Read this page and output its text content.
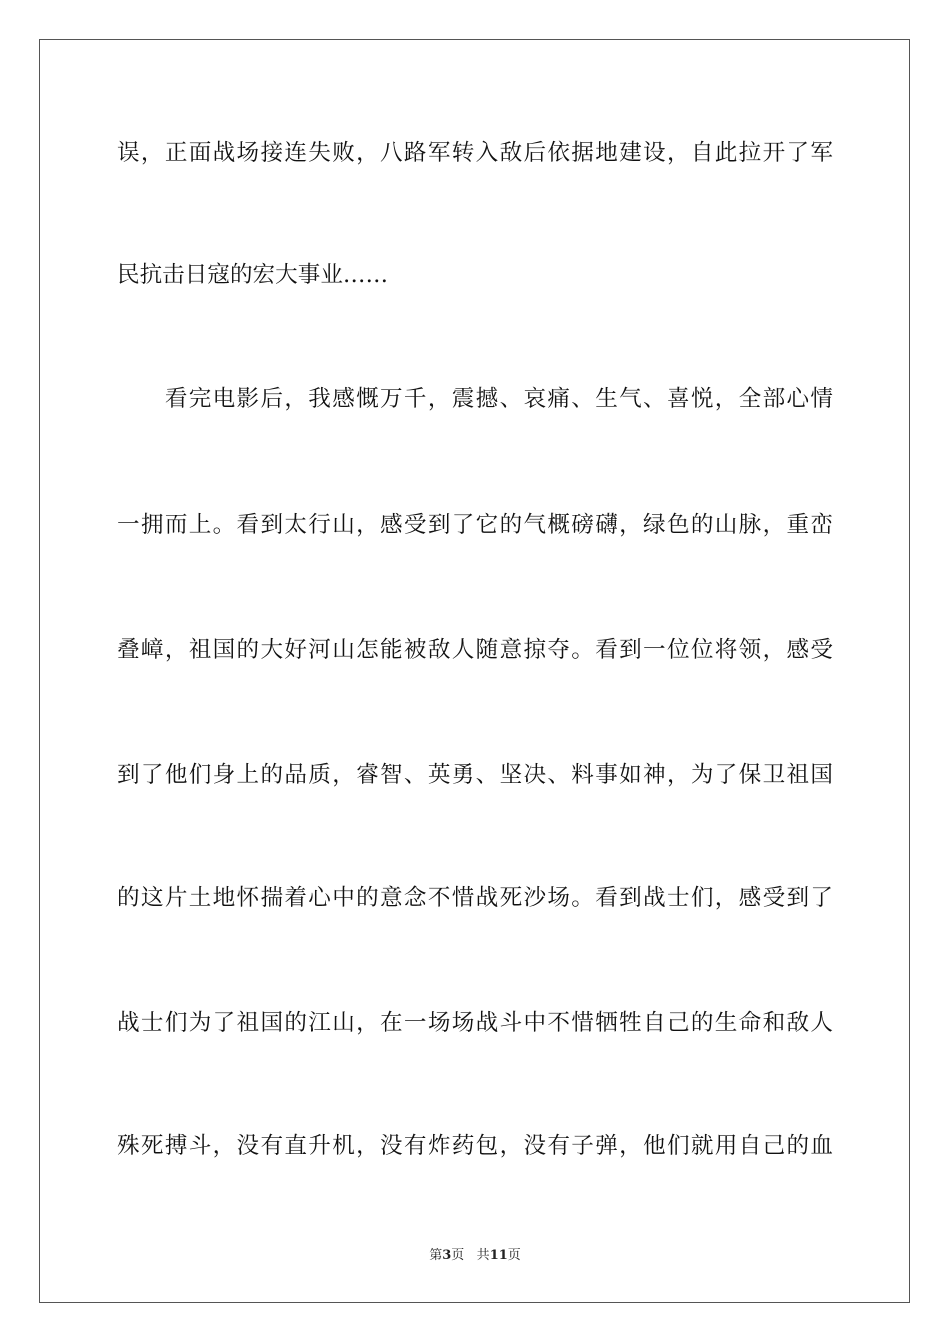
误，正面战场接连失败，八路军转入敌后依据地建设，自此拉开了军
民抗击日寇的宏大事业……
　　看完电影后，我感慨万千，震撼、哀痛、生气、喜悦，全部心情
一拥而上。看到太行山，感受到了它的气概磅礴，绿色的山脉，重峦
叠嶂，祖国的大好河山怎能被敌人随意掠夺。看到一位位将领，感受
到了他们身上的品质，睿智、英勇、坚决、料事如神，为了保卫祖国
的这片土地怀揣着心中的意念不惜战死沙场。看到战士们，感受到了
战士们为了祖国的江山，在一场场战斗中不惜牺牲自己的生命和敌人
殊死搏斗，没有直升机，没有炸药包，没有子弹，他们就用自己的血
第3页 共11页
